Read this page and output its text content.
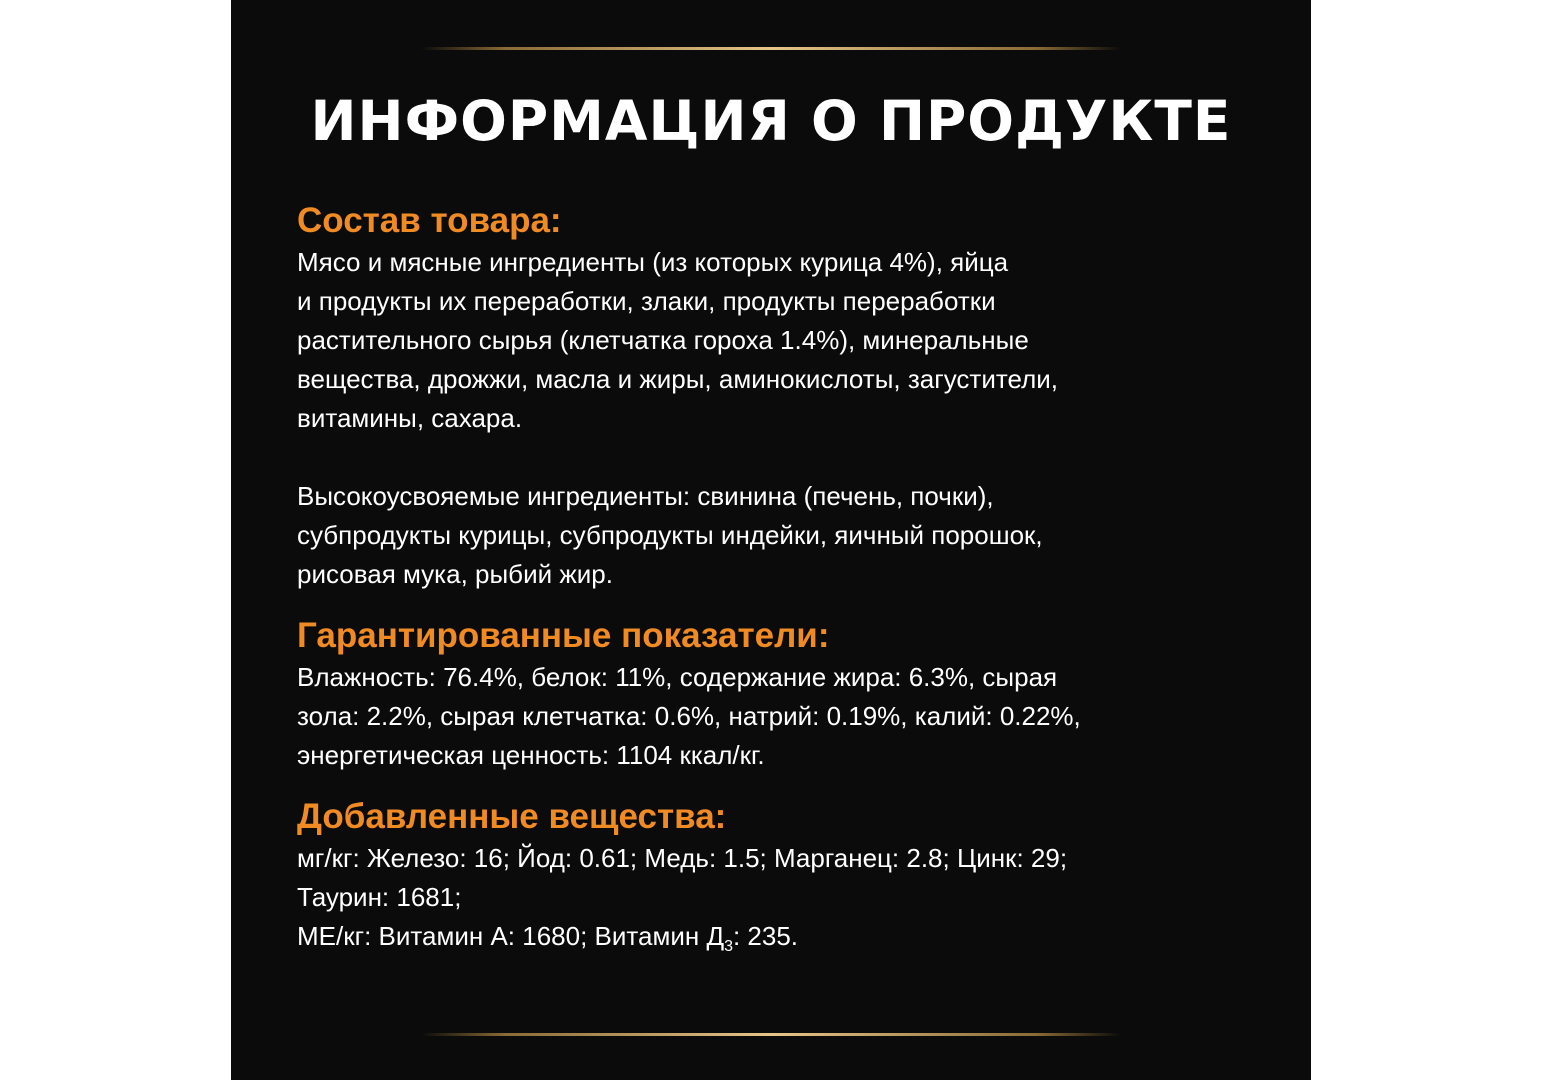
ИНФОРМАЦИЯ О ПРОДУКТЕ

Состав товара:

Мясо и мясные ингредиенты (из которых курица 4%), яйца
и продукты их переработки, злаки, продукты переработки
растительного сырья (клетчатка гороха 1.4%), минеральные
вещества, дрожжи, масла и жиры, аминокислоты, загустители,
витамины, сахара.

Высокоусвояемые ингредиенты: свинина (печень, почки),
субпродукты курицы, субпродукты индейки, яичный порошок,
рисовая мука, рыбий жир.

Гарантированные показатели:

Влажность: 76.4%, белок: 11%, содержание жира: 6.3%, сырая
зола: 2.2%, сырая клетчатка: 0.6%, натрий: 0.19%, калий: 0.22%,
энергетическая ценность: 1104 ккал/кг.

Добавленные вещества:

мг/кг: Железо: 16; Йод: 0.61; Медь: 1.5; Марганец: 2.8; Цинк: 29;
Таурин: 1681;
МЕ/кг: Витамин А: 1680; Витамин $Д_3$: 235.
